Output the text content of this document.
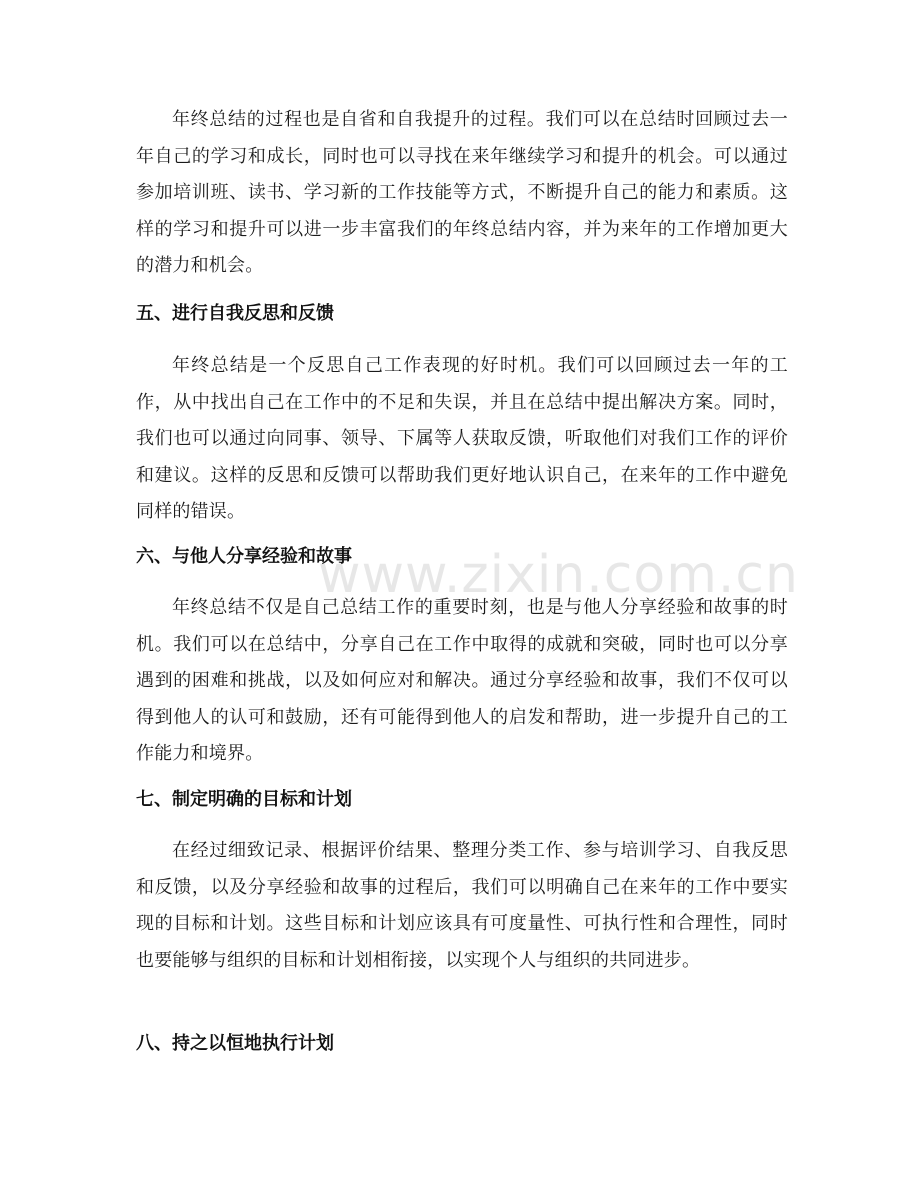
年终总结的过程也是自省和自我提升的过程。我们可以在总结时回顾过去一年自己的学习和成长，同时也可以寻找在来年继续学习和提升的机会。可以通过参加培训班、读书、学习新的工作技能等方式，不断提升自己的能力和素质。这样的学习和提升可以进一步丰富我们的年终总结内容，并为来年的工作增加更大的潜力和机会。

五、进行自我反思和反馈

年终总结是一个反思自己工作表现的好时机。我们可以回顾过去一年的工作，从中找出自己在工作中的不足和失误，并且在总结中提出解决方案。同时，我们也可以通过向同事、领导、下属等人获取反馈，听取他们对我们工作的评价和建议。这样的反思和反馈可以帮助我们更好地认识自己，在来年的工作中避免同样的错误。

六、与他人分享经验和故事

年终总结不仅是自己总结工作的重要时刻，也是与他人分享经验和故事的时机。我们可以在总结中，分享自己在工作中取得的成就和突破，同时也可以分享遇到的困难和挑战，以及如何应对和解决。通过分享经验和故事，我们不仅可以得到他人的认可和鼓励，还有可能得到他人的启发和帮助，进一步提升自己的工作能力和境界。

七、制定明确的目标和计划

在经过细致记录、根据评价结果、整理分类工作、参与培训学习、自我反思和反馈，以及分享经验和故事的过程后，我们可以明确自己在来年的工作中要实现的目标和计划。这些目标和计划应该具有可度量性、可执行性和合理性，同时也要能够与组织的目标和计划相衔接，以实现个人与组织的共同进步。

八、持之以恒地执行计划
www.zixin.com.cn
